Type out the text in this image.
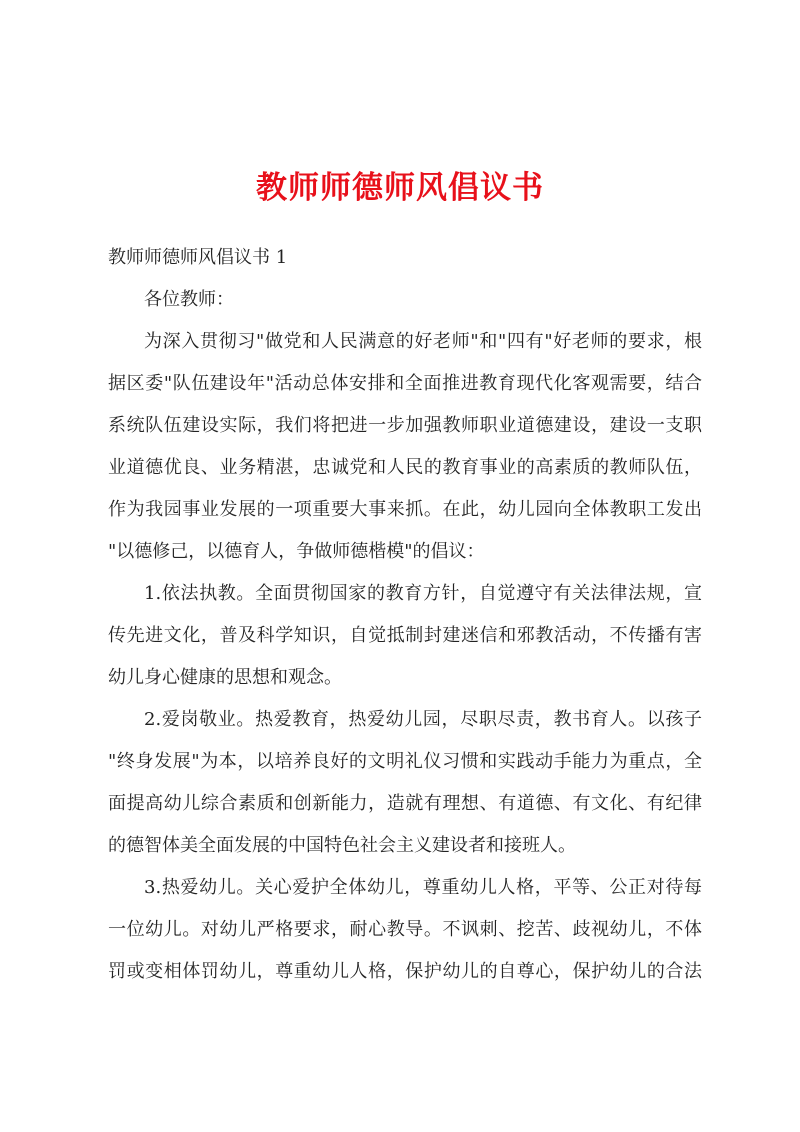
教师师德师风倡议书
教师师德师风倡议书 1
各位教师：
为深入贯彻习"做党和人民满意的好老师"和"四有"好老师的要求，根
据区委"队伍建设年"活动总体安排和全面推进教育现代化客观需要，结合
系统队伍建设实际，我们将把进一步加强教师职业道德建设，建设一支职
业道德优良、业务精湛，忠诚党和人民的教育事业的高素质的教师队伍，
作为我园事业发展的一项重要大事来抓。在此，幼儿园向全体教职工发出
"以德修己，以德育人，争做师德楷模"的倡议：
1.依法执教。全面贯彻国家的教育方针，自觉遵守有关法律法规，宣
传先进文化，普及科学知识，自觉抵制封建迷信和邪教活动，不传播有害
幼儿身心健康的思想和观念。
2.爱岗敬业。热爱教育，热爱幼儿园，尽职尽责，教书育人。以孩子
"终身发展"为本，以培养良好的文明礼仪习惯和实践动手能力为重点，全
面提高幼儿综合素质和创新能力，造就有理想、有道德、有文化、有纪律
的德智体美全面发展的中国特色社会主义建设者和接班人。
3.热爱幼儿。关心爱护全体幼儿，尊重幼儿人格，平等、公正对待每
一位幼儿。对幼儿严格要求，耐心教导。不讽刺、挖苦、歧视幼儿，不体
罚或变相体罚幼儿，尊重幼儿人格，保护幼儿的自尊心，保护幼儿的合法
